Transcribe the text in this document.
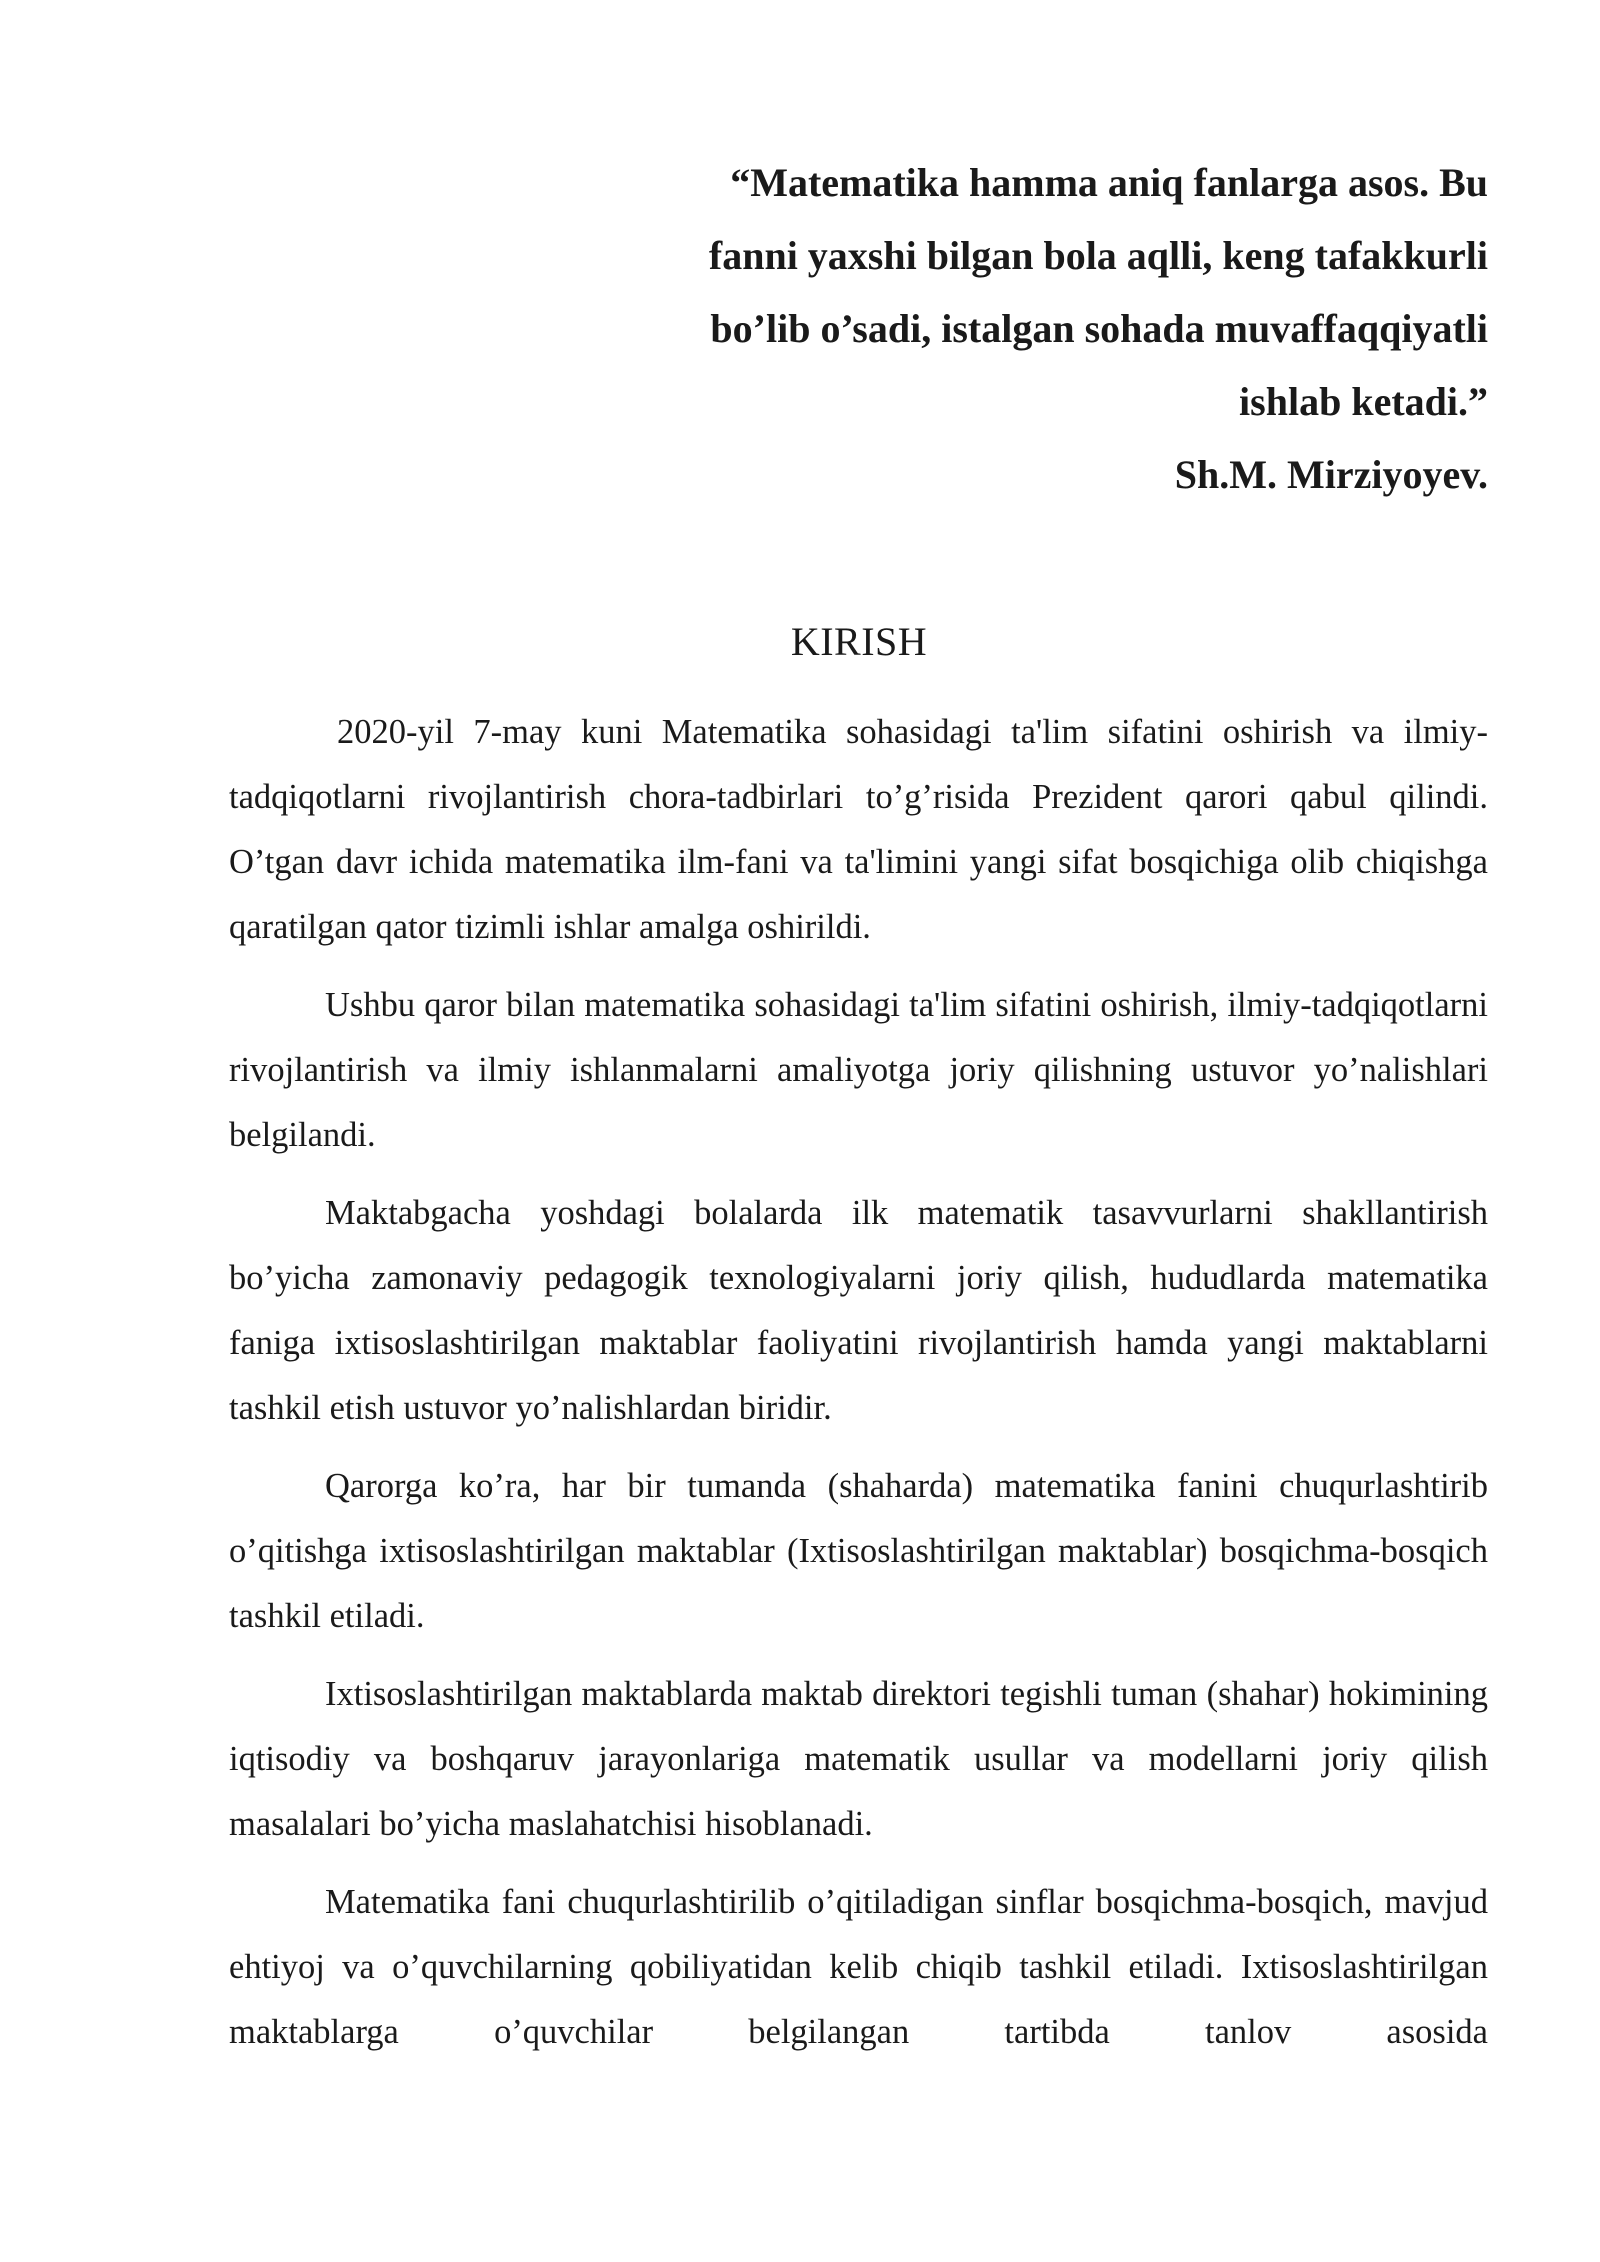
“Matematika hamma aniq fanlarga asos. Bu
fanni yaxshi bilgan bola aqlli, keng tafakkurli
bo’lib o’sadi, istalgan sohada muvaffaqqiyatli
ishlab ketadi.”
Sh.M. Mirziyoyev.
KIRISH

2020-yil 7-may kuni Matematika sohasidagi ta'lim sifatini oshirish va ilmiy-tadqiqotlarni rivojlantirish chora-tadbirlari to’g’risida Prezident qarori qabul qilindi. O’tgan davr ichida matematika ilm-fani va ta'limini yangi sifat bosqichiga olib chiqishga qaratilgan qator tizimli ishlar amalga oshirildi.

Ushbu qaror bilan matematika sohasidagi ta'lim sifatini oshirish, ilmiy-tadqiqotlarni rivojlantirish va ilmiy ishlanmalarni amaliyotga joriy qilishning ustuvor yo’nalishlari belgilandi.

Maktabgacha yoshdagi bolalarda ilk matematik tasavvurlarni shakllantirish bo’yicha zamonaviy pedagogik texnologiyalarni joriy qilish, hududlarda matematika faniga ixtisoslashtirilgan maktablar faoliyatini rivojlantirish hamda yangi maktablarni tashkil etish ustuvor yo’nalishlardan biridir.

Qarorga ko’ra, har bir tumanda (shaharda) matematika fanini chuqurlashtirib o’qitishga ixtisoslashtirilgan maktablar (Ixtisoslashtirilgan maktablar) bosqichma-bosqich tashkil etiladi.

Ixtisoslashtirilgan maktablarda maktab direktori tegishli tuman (shahar) hokimining iqtisodiy va boshqaruv jarayonlariga matematik usullar va modellarni joriy qilish masalalari bo’yicha maslahatchisi hisoblanadi.

Matematika fani chuqurlashtirilib o’qitiladigan sinflar bosqichma-bosqich, mavjud ehtiyoj va o’quvchilarning qobiliyatidan kelib chiqib tashkil etiladi. Ixtisoslashtirilgan maktablarga o’quvchilar belgilangan tartibda tanlov asosida
